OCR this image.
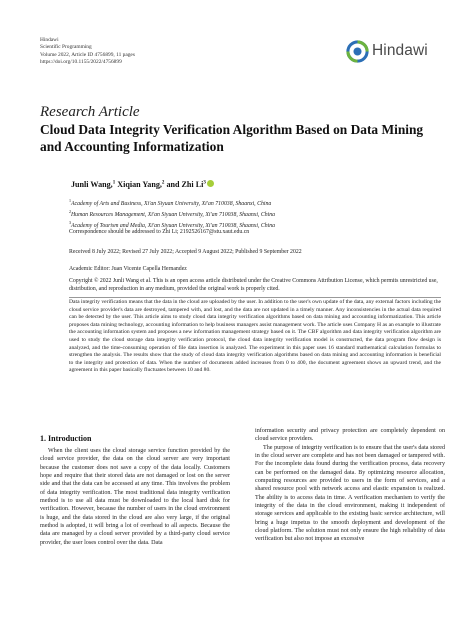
Hindawi
Scientific Programming
Volume 2022, Article ID 4756899, 11 pages
https://doi.org/10.1155/2022/4756899
Hindawi
Research Article
Cloud Data Integrity Verification Algorithm Based on Data Mining and Accounting Informatization
Junli Wang,$^1$ Xiqian Yang,$^2$ and Zhi Li$^3$
$^1$Academy of Arts and Business, Xi'an Siyuan University, Xi'an 710038, Shaanxi, China
$^2$Human Resources Management, Xi'an Siyuan University, Xi'an 710038, Shaanxi, China
$^3$Academy of Tourism and Media, Xi'an Siyuan University, Xi'an 710038, Shaanxi, China
Correspondence should be addressed to Zhi Li; 2192526167@stu.xaut.edu.cn
Received 8 July 2022; Revised 27 July 2022; Accepted 9 August 2022; Published 9 September 2022
Academic Editor: Juan Vicente Capella Hernandez
Copyright © 2022 Junli Wang et al. This is an open access article distributed under the Creative Commons Attribution License, which permits unrestricted use, distribution, and reproduction in any medium, provided the original work is properly cited.

Data integrity verification means that the data in the cloud are uploaded by the user. In addition to the user's own update of the data, any external factors including the cloud service provider's data are destroyed, tampered with, and lost, and the data are not updated in a timely manner. Any inconsistencies in the actual data required can be detected by the user. This article aims to study cloud data integrity verification algorithms based on data mining and accounting informatization. This article proposes data mining technology, accounting information to help business managers assist management work. The article uses Company H as an example to illustrate the accounting information system and proposes a new information management strategy based on it. The CBF algorithm and data integrity verification algorithm are used to study the cloud storage data integrity verification protocol, the cloud data integrity verification model is constructed, the data program flow design is analyzed, and the time-consuming operation of file data insertion is analyzed. The experiment in this paper uses 16 standard mathematical calculation formulas to strengthen the analysis. The results show that the study of cloud data integrity verification algorithms based on data mining and accounting information is beneficial to the integrity and protection of data. When the number of documents added increases from 0 to 400, the document agreement shows an upward trend, and the agreement in this paper basically fluctuates between 10 and 80.

1. Introduction

When the client uses the cloud storage service function provided by the cloud service provider, the data on the cloud server are very important because the customer does not save a copy of the data locally. Customers hope and require that their stored data are not damaged or lost on the server side and that the data can be accessed at any time. This involves the problem of data integrity verification. The most traditional data integrity verification method is to use all data must be downloaded to the local hard disk for verification. However, because the number of users in the cloud environment is huge, and the data stored in the cloud are also very large, if the original method is adopted, it will bring a lot of overhead to all aspects. Because the data are managed by a cloud server provided by a third-party cloud service provider, the user loses control over the data. Data

information security and privacy protection are completely dependent on cloud service providers.

The purpose of integrity verification is to ensure that the user's data stored in the cloud server are complete and has not been damaged or tampered with. For the incomplete data found during the verification process, data recovery can be performed on the damaged data. By optimizing resource allocation, computing resources are provided to users in the form of services, and a shared resource pool with network access and elastic expansion is realized. The ability is to access data in time. A verification mechanism to verify the integrity of the data in the cloud environment, making it independent of storage services and applicable to the existing basic service architecture, will bring a huge impetus to the smooth deployment and development of the cloud platform. The solution must not only ensure the high reliability of data verification but also not impose an excessive
